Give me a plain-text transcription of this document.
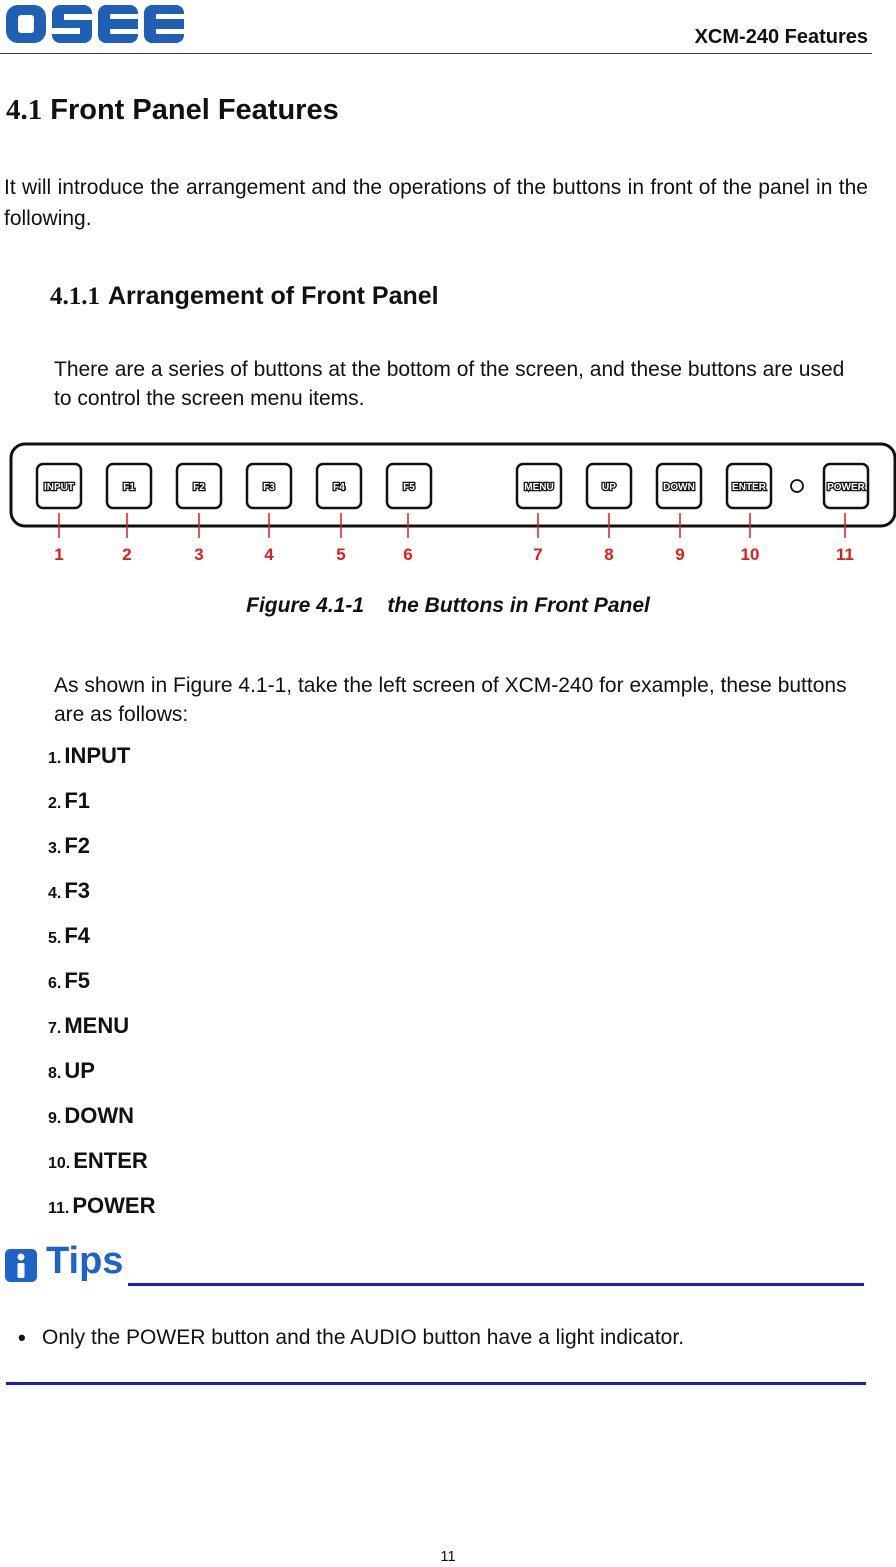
XCM-240 Features
4.1 Front Panel Features

It will introduce the arrangement and the operations of the buttons in front of the panel in the following.

4.1.1 Arrangement of Front Panel

There are a series of buttons at the bottom of the screen, and these buttons are used to control the screen menu items.

INPUT	F1	F2	F3	F4	F5	MENU	UP	DOWN	ENTER	POWER
1	2	3	4	5	6	7	8	9	10	11
Figure 4.1-1    the Buttons in Front Panel

As shown in Figure 4.1-1, take the left screen of XCM-240 for example, these buttons are as follows:

1. INPUT
2. F1
3. F2
4. F3
5. F4
6. F5
7. MENU
8. UP
9. DOWN
10. ENTER
11. POWER
Tips
• Only the POWER button and the AUDIO button have a light indicator.
11
